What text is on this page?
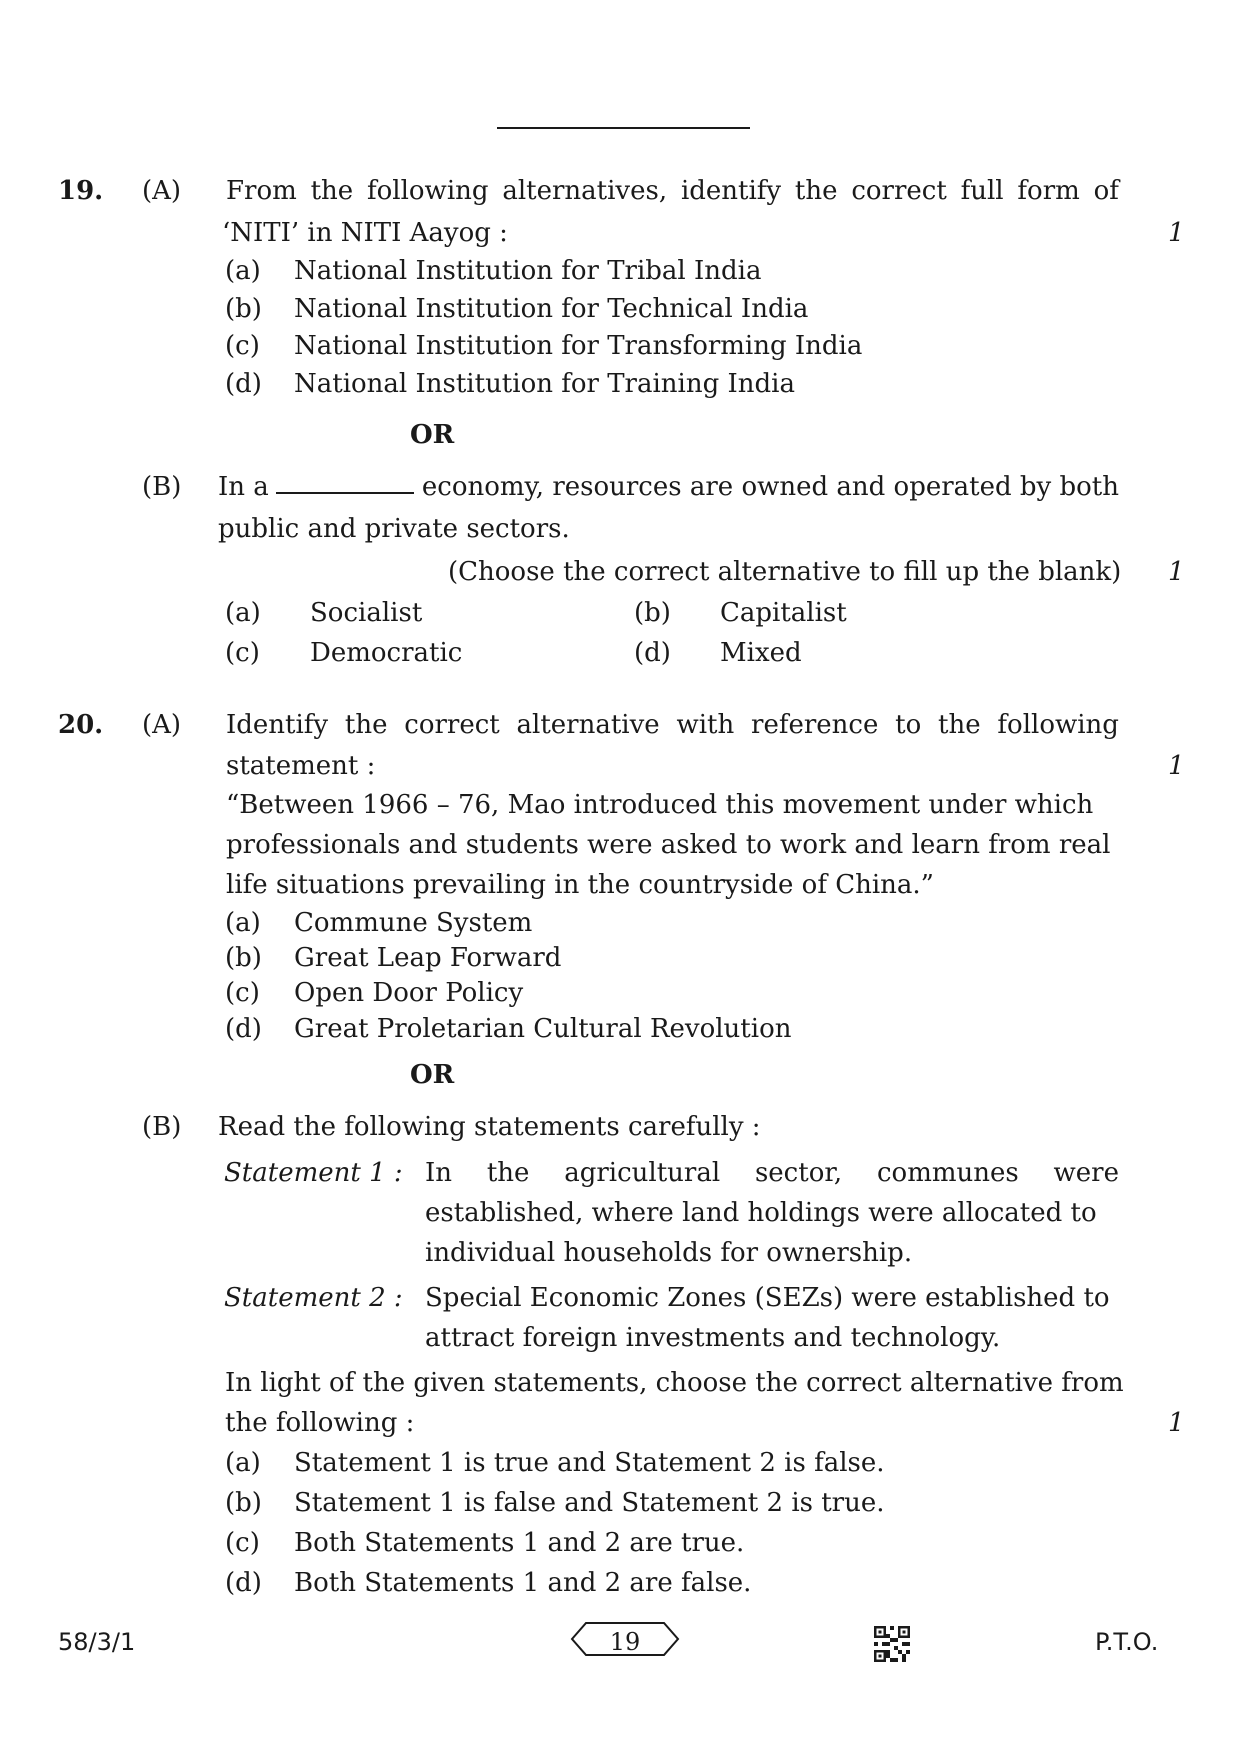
19. (A) From the following alternatives, identify the correct full form of
‘NITI’ in NITI Aayog :	1
(a) National Institution for Tribal India
(b) National Institution for Technical India
(c) National Institution for Transforming India
(d) National Institution for Training India
OR
(B) In a	economy, resources are owned and operated by both
public and private sectors.
(Choose the correct alternative to fill up the blank) 1
(a) Socialist	(b) Capitalist
(c) Democratic	(d) Mixed
20. (A) Identify the correct alternative with reference to the following
statement :	1
“Between 1966 – 76, Mao introduced this movement under which
professionals and students were asked to work and learn from real
life situations prevailing in the countryside of China.”
(a) Commune System
(b) Great Leap Forward
(c) Open Door Policy
(d) Great Proletarian Cultural Revolution
OR
(B) Read the following statements carefully :
Statement 1 : In the agricultural sector, communes were
established, where land holdings were allocated to
individual households for ownership.
Statement 2 : Special Economic Zones (SEZs) were established to
attract foreign investments and technology.
In light of the given statements, choose the correct alternative from
the following :	1
(a) Statement 1 is true and Statement 2 is false.
(b) Statement 1 is false and Statement 2 is true.
(c) Both Statements 1 and 2 are true.
(d) Both Statements 1 and 2 are false.
58/3/1	19	P.T.O.
